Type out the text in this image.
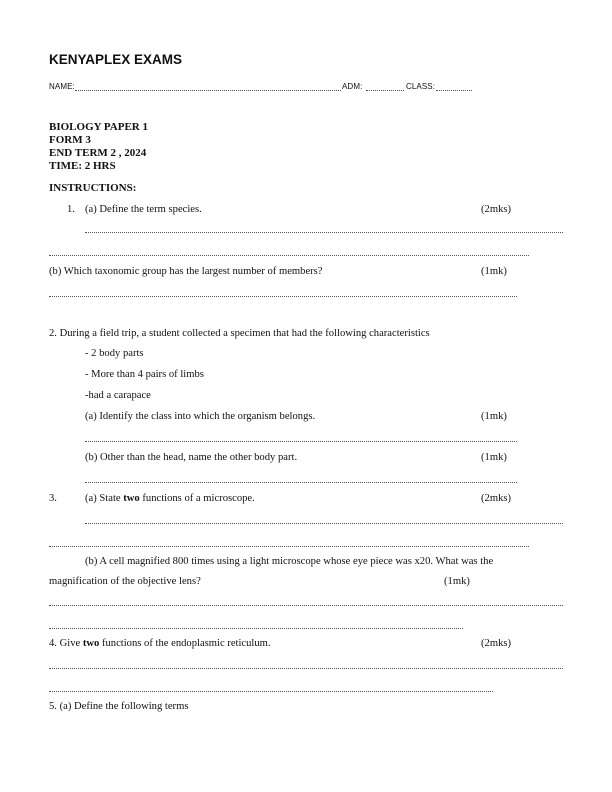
KENYAPLEX EXAMS
NAME:	ADM:	CLASS:
BIOLOGY PAPER 1
FORM 3
END TERM 2 , 2024
TIME: 2 HRS
INSTRUCTIONS:
1. (a) Define the term species.	(2mks)
(b) Which taxonomic group has the largest number of members?	(1mk)
2. During a field trip, a student collected a specimen that had the following characteristics
- 2 body parts
- More than 4 pairs of limbs
-had a carapace
(a) Identify the class into which the organism belongs.	(1mk)
(b) Other than the head, name the other body part.	(1mk)
3.	(a) State two functions of a microscope.	(2mks)
(b) A cell magnified 800 times using a light microscope whose eye piece was x20. What was the
magnification of the objective lens?	(1mk)
4. Give two functions of the endoplasmic reticulum.	(2mks)
5. (a) Define the following terms
